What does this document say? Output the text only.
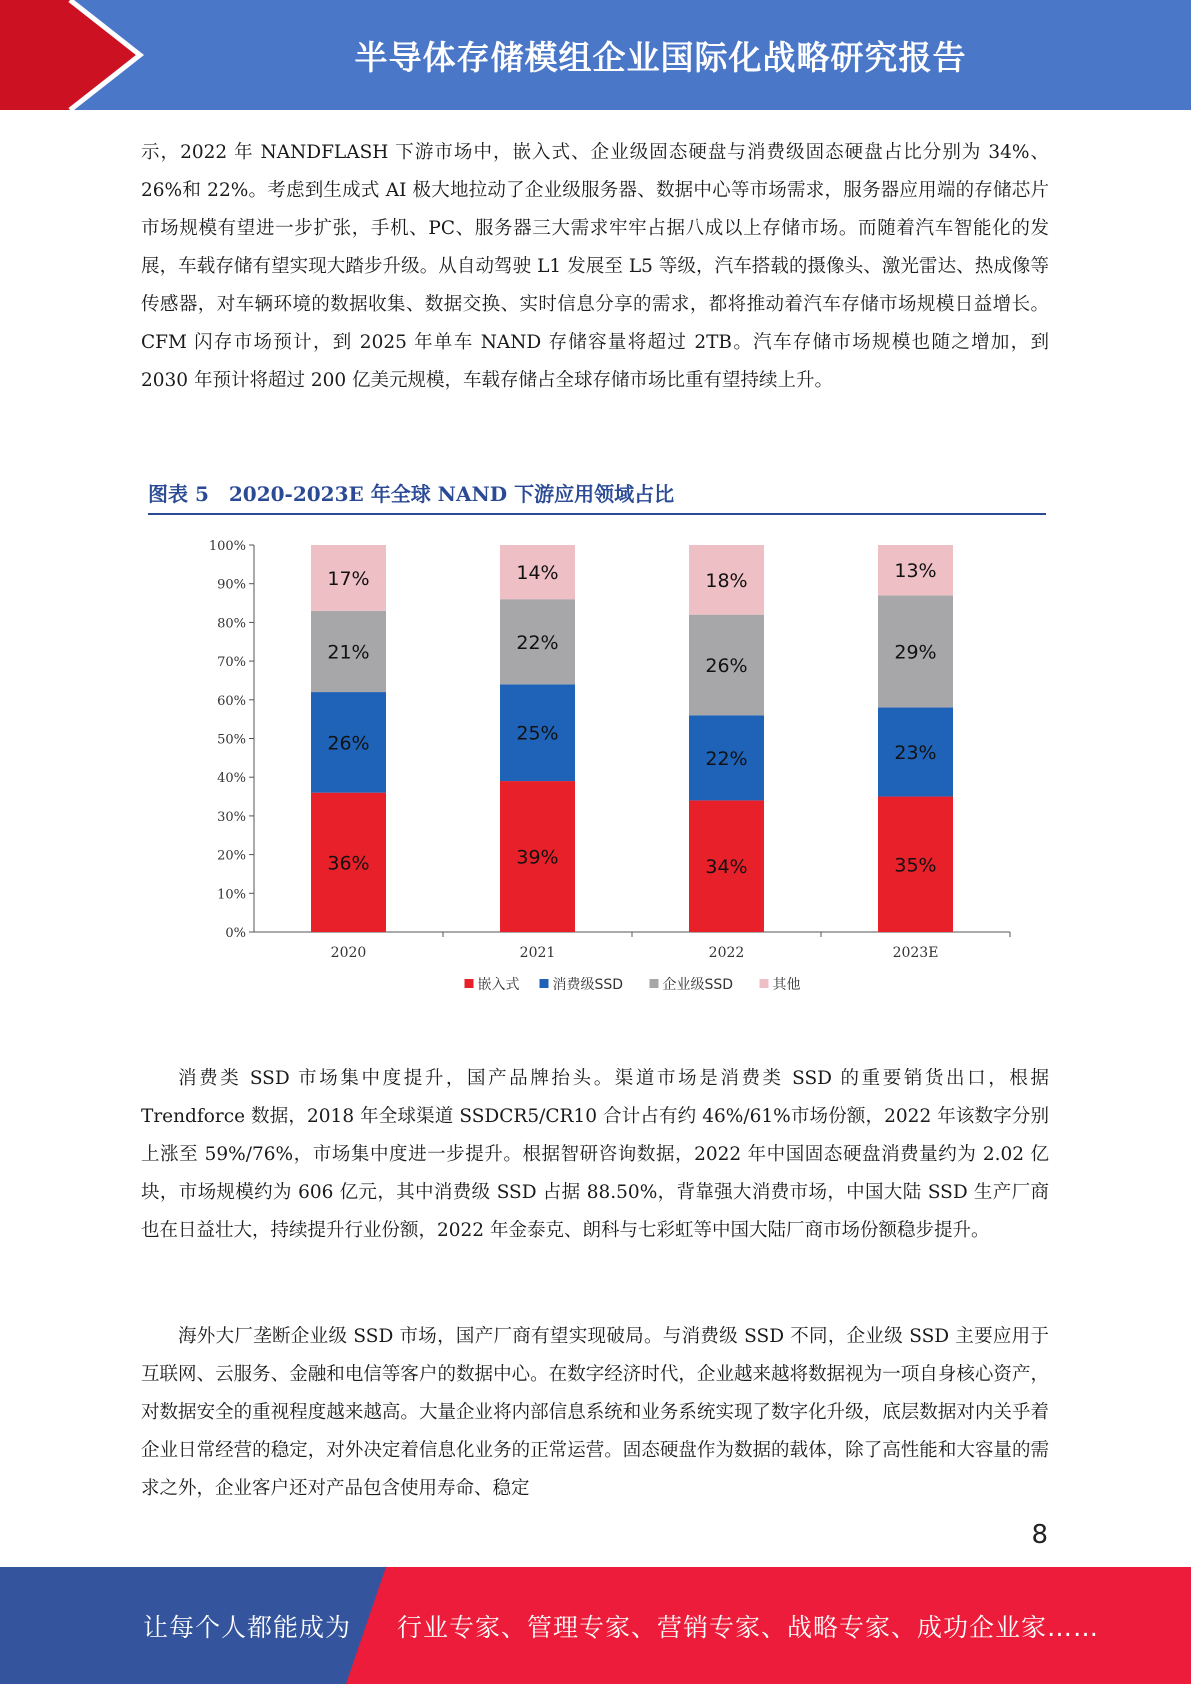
半导体存储模组企业国际化战略研究报告

示，2022 年 NANDFLASH 下游市场中，嵌入式、企业级固态硬盘与消费级固态硬盘占比分别为 34%、26%和 22%。考虑到生成式 AI 极大地拉动了企业级服务器、数据中心等市场需求，服务器应用端的存储芯片市场规模有望进一步扩张，手机、PC、服务器三大需求牢牢占据八成以上存储市场。而随着汽车智能化的发展，车载存储有望实现大踏步升级。从自动驾驶 L1 发展至 L5 等级，汽车搭载的摄像头、激光雷达、热成像等传感器，对车辆环境的数据收集、数据交换、实时信息分享的需求，都将推动着汽车存储市场规模日益增长。CFM 闪存市场预计，到 2025 年单车 NAND 存储容量将超过 2TB。汽车存储市场规模也随之增加，到 2030 年预计将超过 200 亿美元规模，车载存储占全球存储市场比重有望持续上升。

图表 5　2020-2023E 年全球 NAND 下游应用领域占比
0%
10%
20%
30%
40%
50%
60%
70%
80%
90%
100%
36%
26%
21%
17%
2020
39%
25%
22%
14%
2021
34%
22%
26%
18%
2022
35%
23%
29%
13%
2023E
嵌入式 消费级SSD	企业级SSD	其他

消费类 SSD 市场集中度提升，国产品牌抬头。渠道市场是消费类 SSD 的重要销货出口，根据 Trendforce 数据，2018 年全球渠道 SSDCR5/CR10 合计占有约 46%/61%市场份额，2022 年该数字分别上涨至 59%/76%，市场集中度进一步提升。根据智研咨询数据，2022 年中国固态硬盘消费量约为 2.02 亿块，市场规模约为 606 亿元，其中消费级 SSD 占据 88.50%，背靠强大消费市场，中国大陆 SSD 生产厂商也在日益壮大，持续提升行业份额，2022 年金泰克、朗科与七彩虹等中国大陆厂商市场份额稳步提升。

海外大厂垄断企业级 SSD 市场，国产厂商有望实现破局。与消费级 SSD 不同，企业级 SSD 主要应用于互联网、云服务、金融和电信等客户的数据中心。在数字经济时代，企业越来越将数据视为一项自身核心资产，对数据安全的重视程度越来越高。大量企业将内部信息系统和业务系统实现了数字化升级，底层数据对内关乎着企业日常经营的稳定，对外决定着信息化业务的正常运营。固态硬盘作为数据的载体，除了高性能和大容量的需求之外，企业客户还对产品包含使用寿命、稳定

8
让每个人都能成为 行业专家、管理专家、营销专家、战略专家、成功企业家……
